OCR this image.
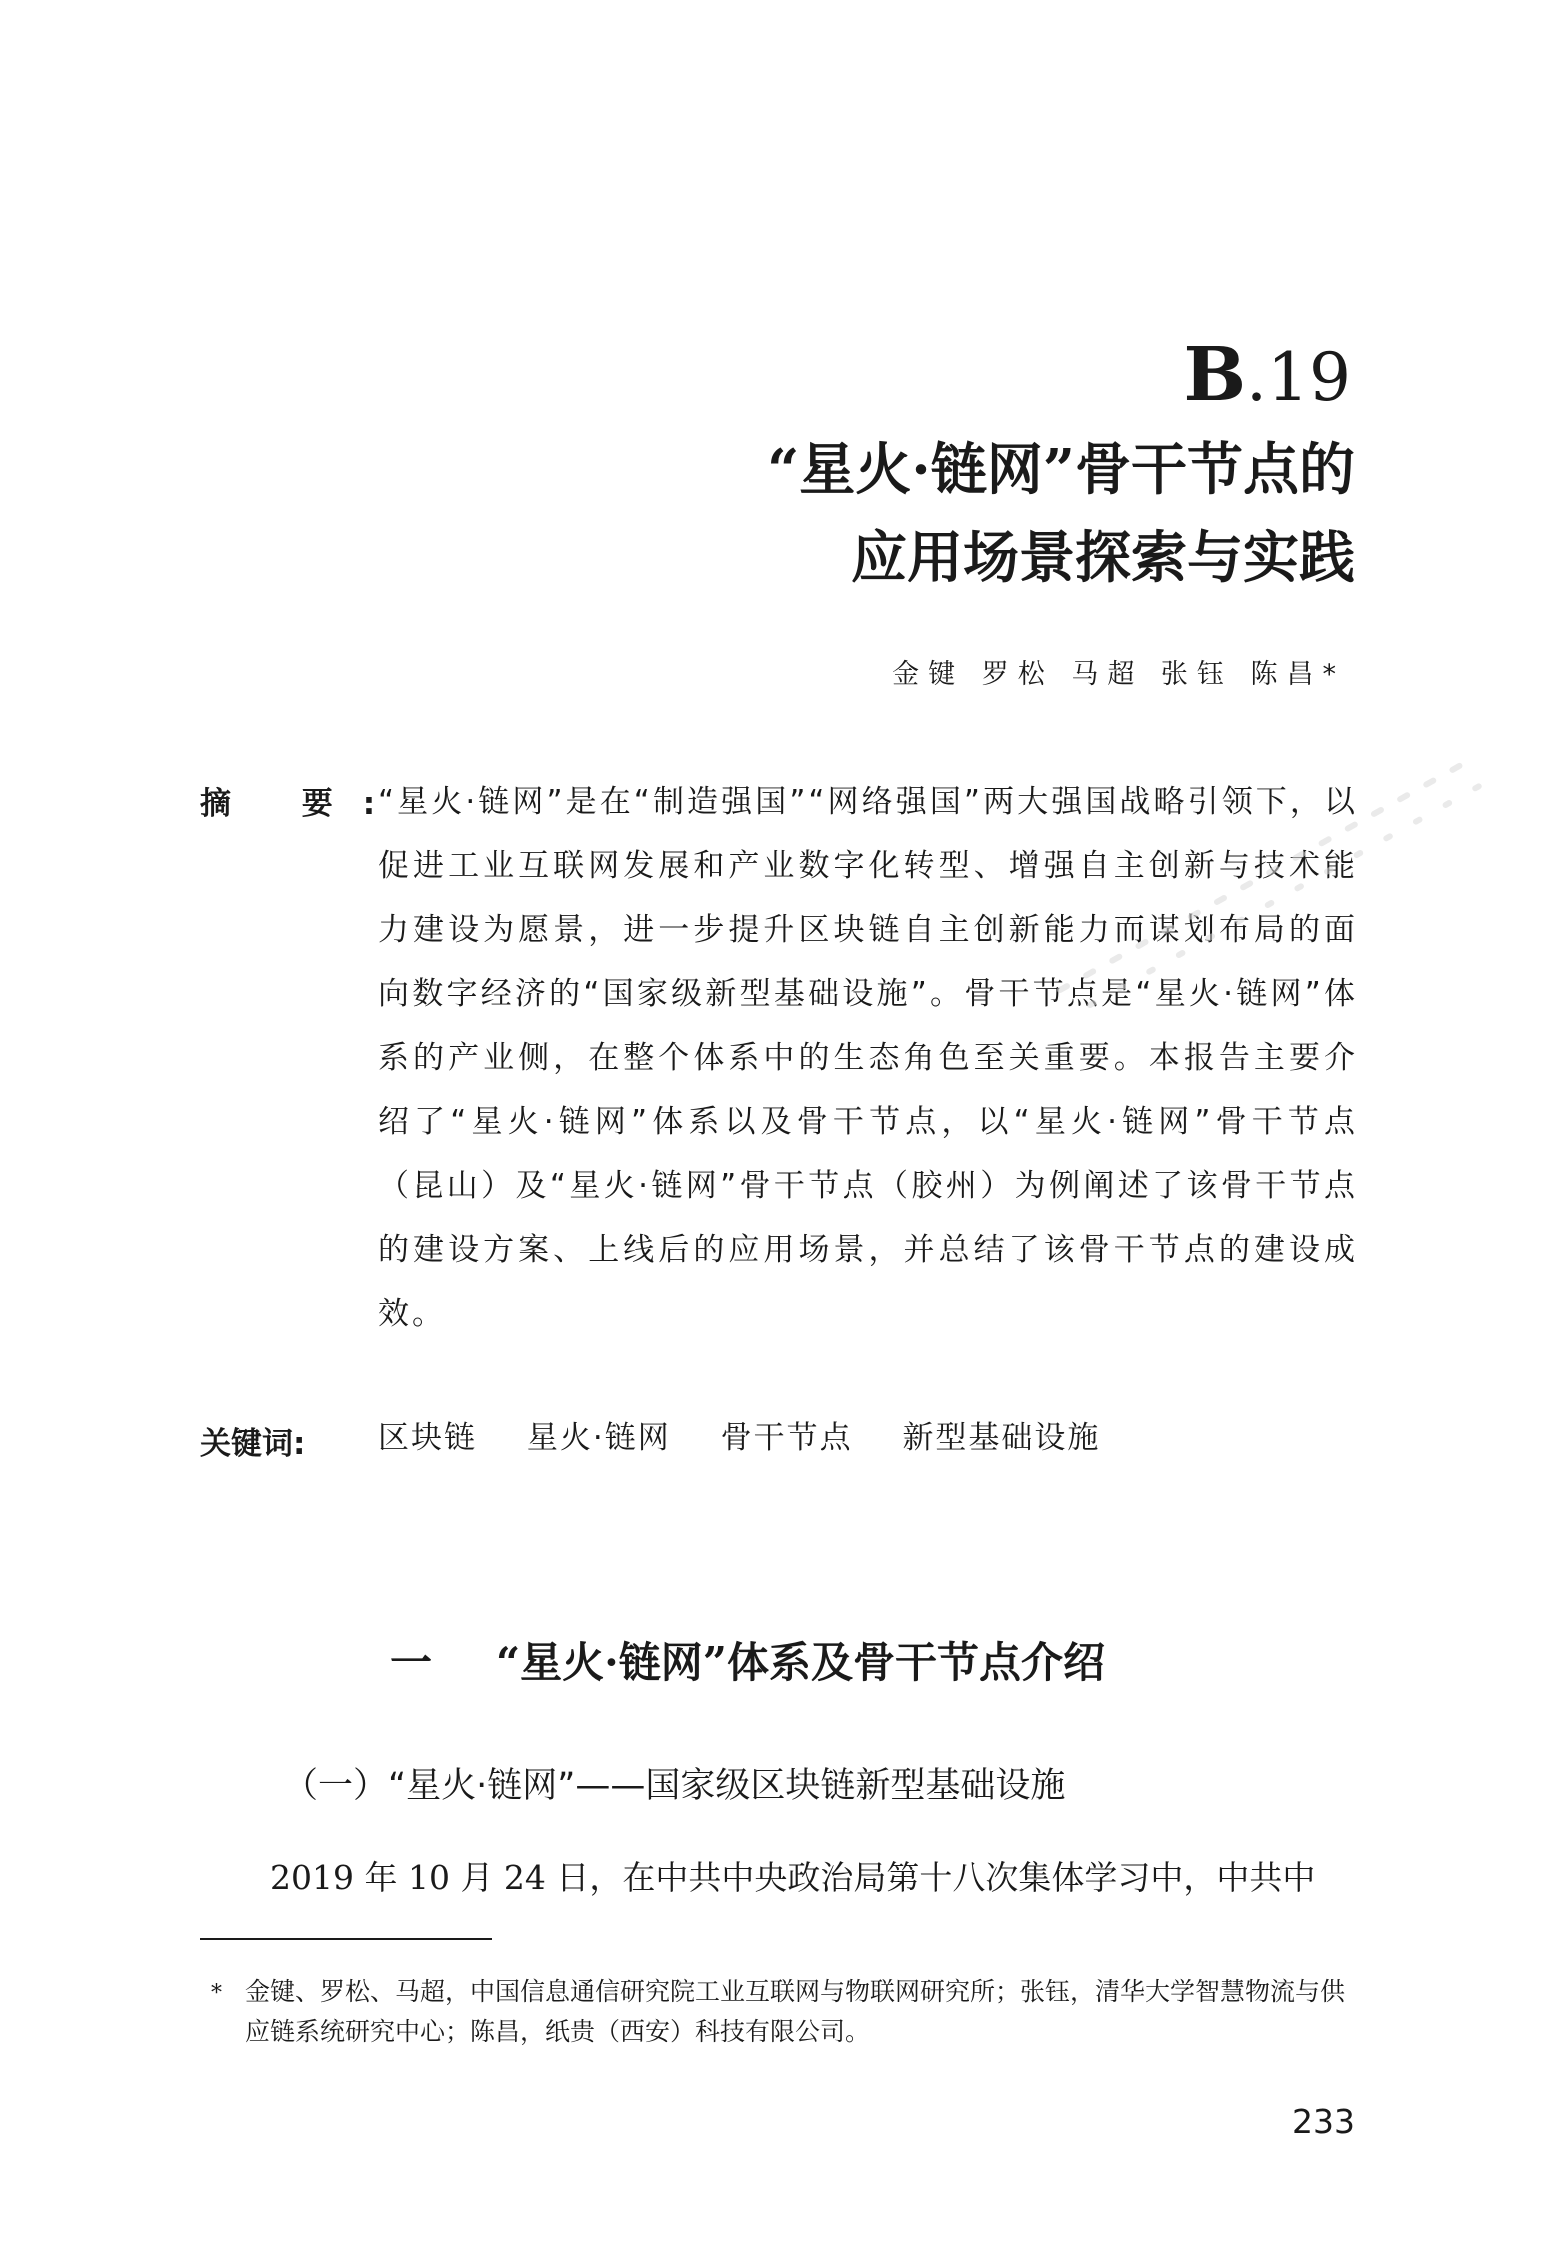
B.19
“星火·链网”骨干节点的
应用场景探索与实践
金键 罗松 马超 张钰 陈昌*
摘 要:
“星火·链网”是在“制造强国”“网络强国”两大强国战略引领下，以促进工业互联网发展和产业数字化转型、增强自主创新与技术能力建设为愿景，进一步提升区块链自主创新能力而谋划布局的面向数字经济的“国家级新型基础设施”。骨干节点是“星火·链网”体系的产业侧，在整个体系中的生态角色至关重要。本报告主要介绍了“星火·链网”体系以及骨干节点，以“星火·链网”骨干节点（昆山）及“星火·链网”骨干节点（胶州）为例阐述了该骨干节点的建设方案、上线后的应用场景，并总结了该骨干节点的建设成效。
关键词: 区块链 星火·链网 骨干节点 新型基础设施
一 “星火·链网”体系及骨干节点介绍
（一）“星火·链网”——国家级区块链新型基础设施
2019 年 10 月 24 日，在中共中央政治局第十八次集体学习中，中共中
* 金键、罗松、马超，中国信息通信研究院工业互联网与物联网研究所；张钰，清华大学智慧物流与供应链系统研究中心；陈昌，纸贵（西安）科技有限公司。
233
